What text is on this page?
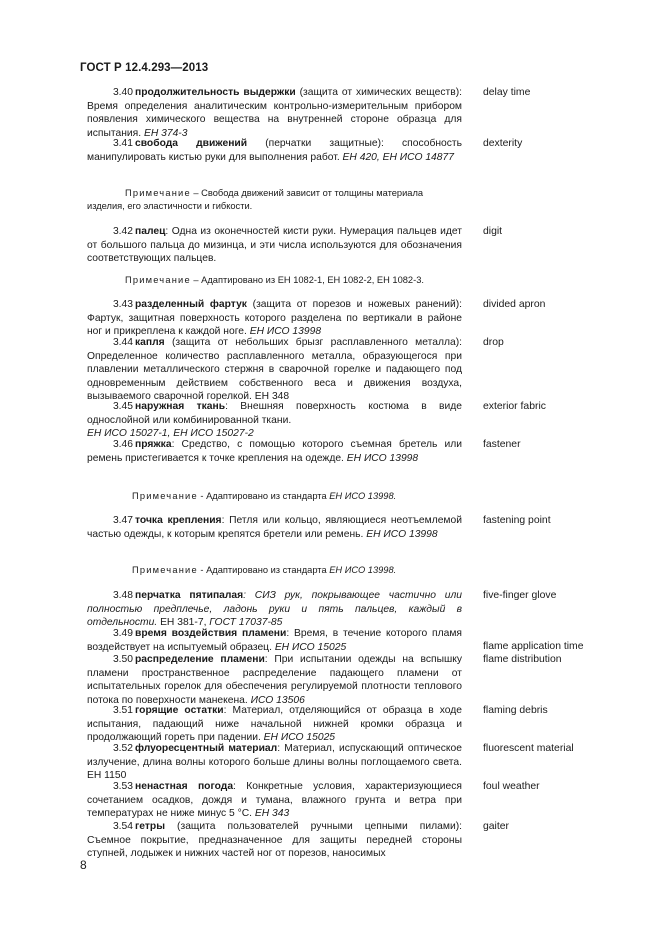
ГОСТ Р 12.4.293—2013
3.40 продолжительность выдержки (защита от химических веществ): Время определения аналитическим контрольно-измерительным прибором появления химического вещества на внутренней стороне образца для испытания. ЕН 374-3
delay time
3.41 свобода движений (перчатки защитные): способность манипулировать кистью руки для выполнения работ. ЕН 420, ЕН ИСО 14877
dexterity
Примечание – Свобода движений зависит от толщины материала изделия, его эластичности и гибкости.
3.42 палец: Одна из оконечностей кисти руки. Нумерация пальцев идет от большого пальца до мизинца, и эти числа используются для обозначения соответствующих пальцев.
digit
Примечание – Адаптировано из ЕН 1082-1, ЕН 1082-2, ЕН 1082-3.
3.43 разделенный фартук (защита от порезов и ножевых ранений): Фартук, защитная поверхность которого разделена по вертикали в районе ног и прикреплена к каждой ноге. ЕН ИСО 13998
divided apron
3.44 капля (защита от небольших брызг расплавленного металла): Определенное количество расплавленного металла, образующегося при плавлении металлического стержня в сварочной горелке и падающего под одновременным действием собственного веса и движения воздуха, вызываемого сварочной горелкой. ЕН 348
drop
3.45 наружная ткань: Внешняя поверхность костюма в виде однослойной или комбинированной ткани.
ЕН ИСО 15027-1, ЕН ИСО 15027-2
exterior fabric
3.46 пряжка: Средство, с помощью которого съемная бретель или ремень пристегивается к точке крепления на одежде. ЕН ИСО 13998
fastener
Примечание - Адаптировано из стандарта ЕН ИСО 13998.
3.47 точка крепления: Петля или кольцо, являющиеся неотъемлемой частью одежды, к которым крепятся бретели или ремень. ЕН ИСО 13998
fastening point
Примечание - Адаптировано из стандарта ЕН ИСО 13998.
3.48 перчатка пятипалая: СИЗ рук, покрывающее частично или полностью предплечье, ладонь руки и пять пальцев, каждый в отдельности. ЕН 381-7, ГОСТ 17037-85
five-finger glove
3.49 время воздействия пламени: Время, в течение которого пламя воздействует на испытуемый образец. ЕН ИСО 15025	flame application time
3.50 распределение пламени: При испытании одежды на вспышку пламени пространственное распределение падающего пламени от испытательных горелок для обеспечения регулируемой плотности теплового потока по поверхности манекена. ИСО 13506
flame distribution
3.51 горящие остатки: Материал, отделяющийся от образца в ходе испытания, падающий ниже начальной нижней кромки образца и продолжающий гореть при падении. ЕН ИСО 15025
flaming debris
3.52 флуоресцентный материал: Материал, испускающий оптическое излучение, длина волны которого больше длины волны поглощаемого света. ЕН 1150
fluorescent material
3.53 ненастная погода: Конкретные условия, характеризующиеся сочетанием осадков, дождя и тумана, влажного грунта и ветра при температурах не ниже минус 5 °С. ЕН 343
foul weather
3.54 гетры (защита пользователей ручными цепными пилами): Съемное покрытие, предназначенное для защиты передней стороны ступней, лодыжек и нижних частей ног от порезов, наносимых
gaiter
8
